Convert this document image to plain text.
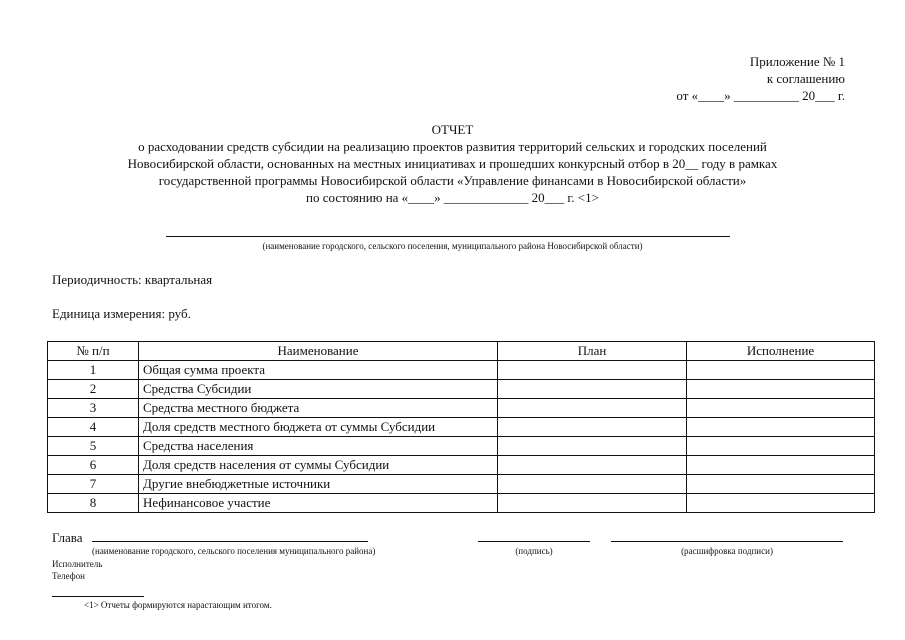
Приложение № 1
к соглашению
от «____» __________ 20___ г.
ОТЧЕТ
о расходовании средств субсидии на реализацию проектов развития территорий сельских и городских поселений
Новосибирской области, основанных на местных инициативах и прошедших конкурсный отбор в 20__ году в рамках
государственной программы Новосибирской области «Управление финансами в Новосибирской области»
по состоянию на «____» _____________ 20___ г. <1>
(наименование городского, сельского поселения, муниципального района Новосибирской области)
Периодичность: квартальная
Единица измерения: руб.
№ п/п	Наименование	План	Исполнение
1	Общая сумма проекта		
2	Средства Субсидии		
3	Средства местного бюджета		
4	Доля средств местного бюджета от суммы Субсидии		
5	Средства населения		
6	Доля средств населения от суммы Субсидии		
7	Другие внебюджетные источники		
8	Нефинансовое участие		
Глава
(наименование городского, сельского поселения муниципального района)	(подпись)	(расшифровка подписи)
Исполнитель
Телефон
<1> Отчеты формируются нарастающим итогом.
